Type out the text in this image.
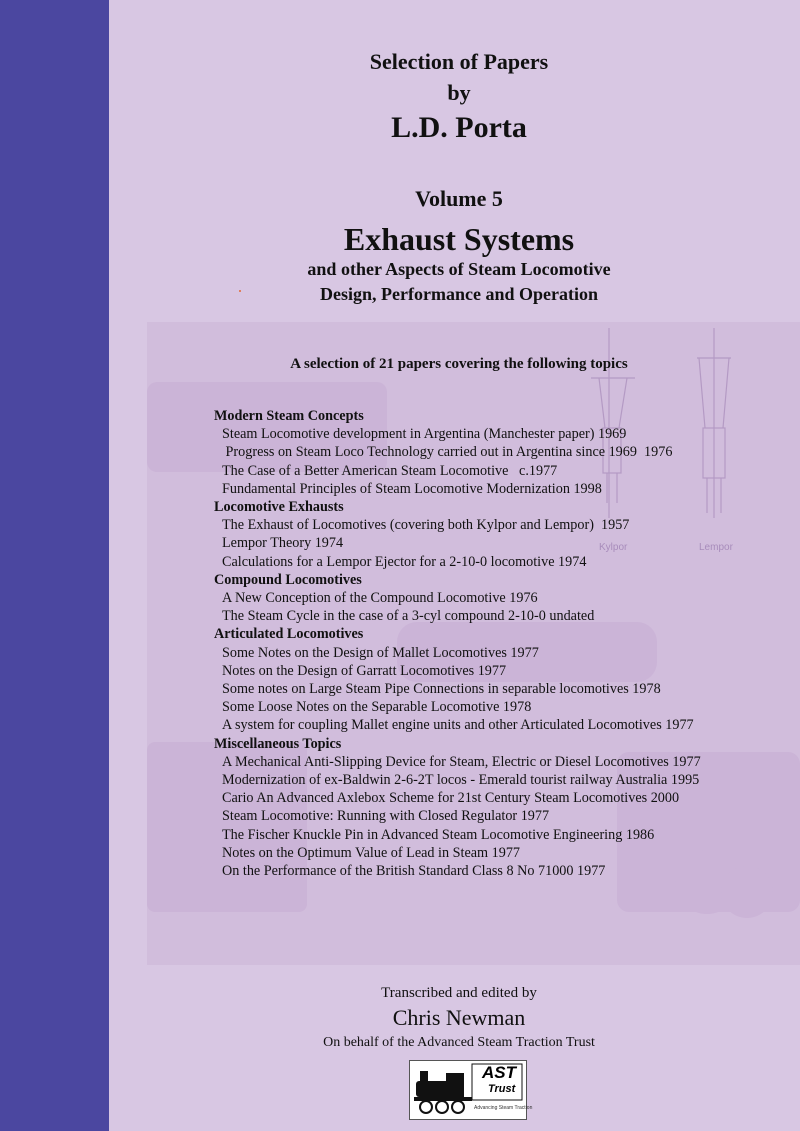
Selection of Papers
by
L.D. Porta
Volume 5
Exhaust Systems
and other Aspects of Steam Locomotive
Design, Performance and Operation
Kylpor	Lempor
A selection of 21 papers covering the following topics
Modern Steam Concepts
Steam Locomotive development in Argentina (Manchester paper) 1969
Progress on Steam Loco Technology carried out in Argentina since 1969  1976
The Case of a Better American Steam Locomotive   c.1977
Fundamental Principles of Steam Locomotive Modernization 1998
Locomotive Exhausts
The Exhaust of Locomotives (covering both Kylpor and Lempor)  1957
Lempor Theory 1974
Calculations for a Lempor Ejector for a 2-10-0 locomotive 1974
Compound Locomotives
A New Conception of the Compound Locomotive 1976
The Steam Cycle in the case of a 3-cyl compound 2-10-0 undated
Articulated Locomotives
Some Notes on the Design of Mallet Locomotives 1977
Notes on the Design of Garratt Locomotives 1977
Some notes on Large Steam Pipe Connections in separable locomotives 1978
Some Loose Notes on the Separable Locomotive 1978
A system for coupling Mallet engine units and other Articulated Locomotives 1977
Miscellaneous Topics
A Mechanical Anti-Slipping Device for Steam, Electric or Diesel Locomotives 1977
Modernization of ex-Baldwin 2-6-2T locos - Emerald tourist railway Australia 1995
Cario An Advanced Axlebox Scheme for 21st Century Steam Locomotives 2000
Steam Locomotive: Running with Closed Regulator 1977
The Fischer Knuckle Pin in Advanced Steam Locomotive Engineering 1986
Notes on the Optimum Value of Lead in Steam 1977
On the Performance of the British Standard Class 8 No 71000 1977
Transcribed and edited by
Chris Newman
On behalf of the Advanced Steam Traction Trust
AST
Trust
Advancing Steam Traction
